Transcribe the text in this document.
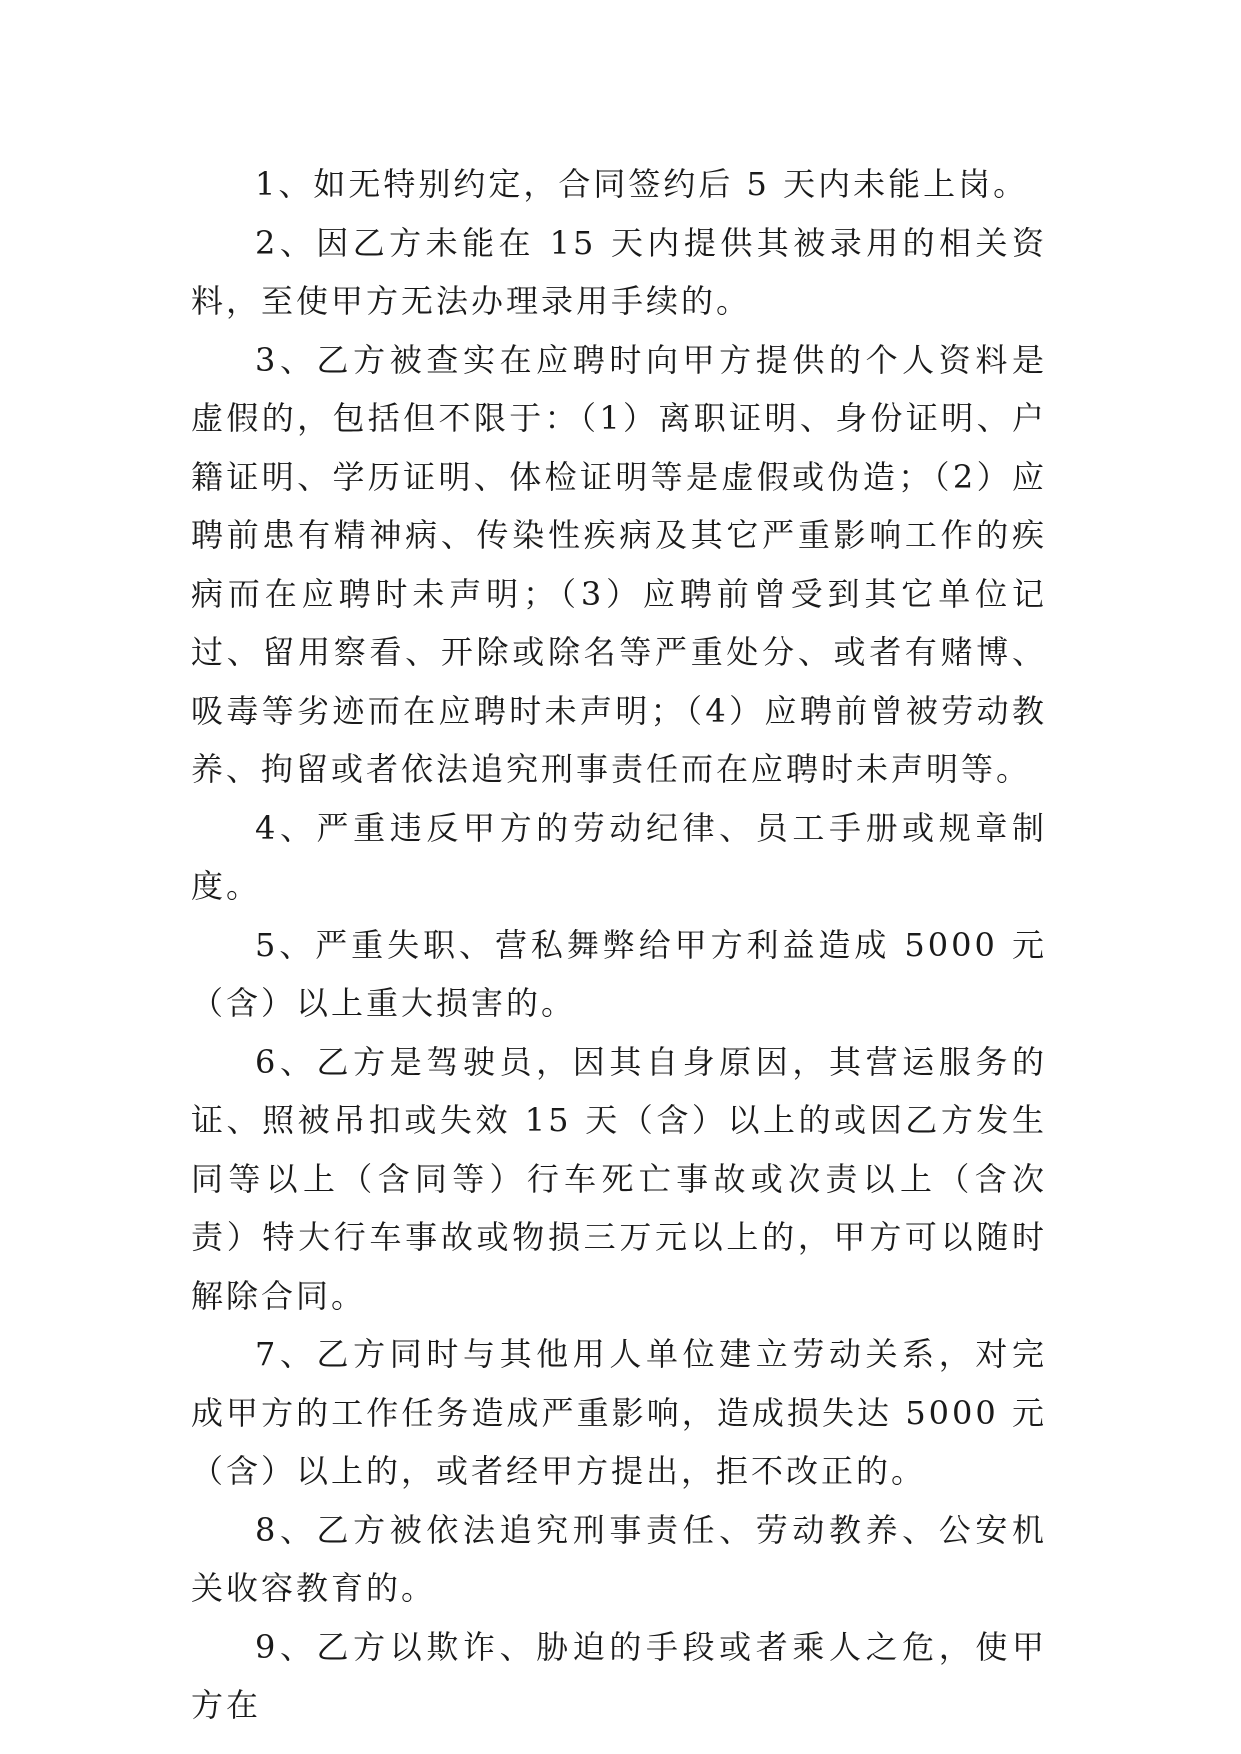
1、如无特别约定，合同签约后 5 天内未能上岗。

2、因乙方未能在 15 天内提供其被录用的相关资料，至使甲方无法办理录用手续的。

3、乙方被查实在应聘时向甲方提供的个人资料是虚假的，包括但不限于：（1）离职证明、身份证明、户籍证明、学历证明、体检证明等是虚假或伪造；（2）应聘前患有精神病、传染性疾病及其它严重影响工作的疾病而在应聘时未声明；（3）应聘前曾受到其它单位记过、留用察看、开除或除名等严重处分、或者有赌博、吸毒等劣迹而在应聘时未声明；（4）应聘前曾被劳动教养、拘留或者依法追究刑事责任而在应聘时未声明等。

4、严重违反甲方的劳动纪律、员工手册或规章制度。

5、严重失职、营私舞弊给甲方利益造成 5000 元（含）以上重大损害的。

6、乙方是驾驶员，因其自身原因，其营运服务的证、照被吊扣或失效 15 天（含）以上的或因乙方发生同等以上（含同等）行车死亡事故或次责以上（含次责）特大行车事故或物损三万元以上的，甲方可以随时解除合同。

7、乙方同时与其他用人单位建立劳动关系，对完成甲方的工作任务造成严重影响，造成损失达 5000 元（含）以上的，或者经甲方提出，拒不改正的。

8、乙方被依法追究刑事责任、劳动教养、公安机关收容教育的。

9、乙方以欺诈、胁迫的手段或者乘人之危，使甲方在
